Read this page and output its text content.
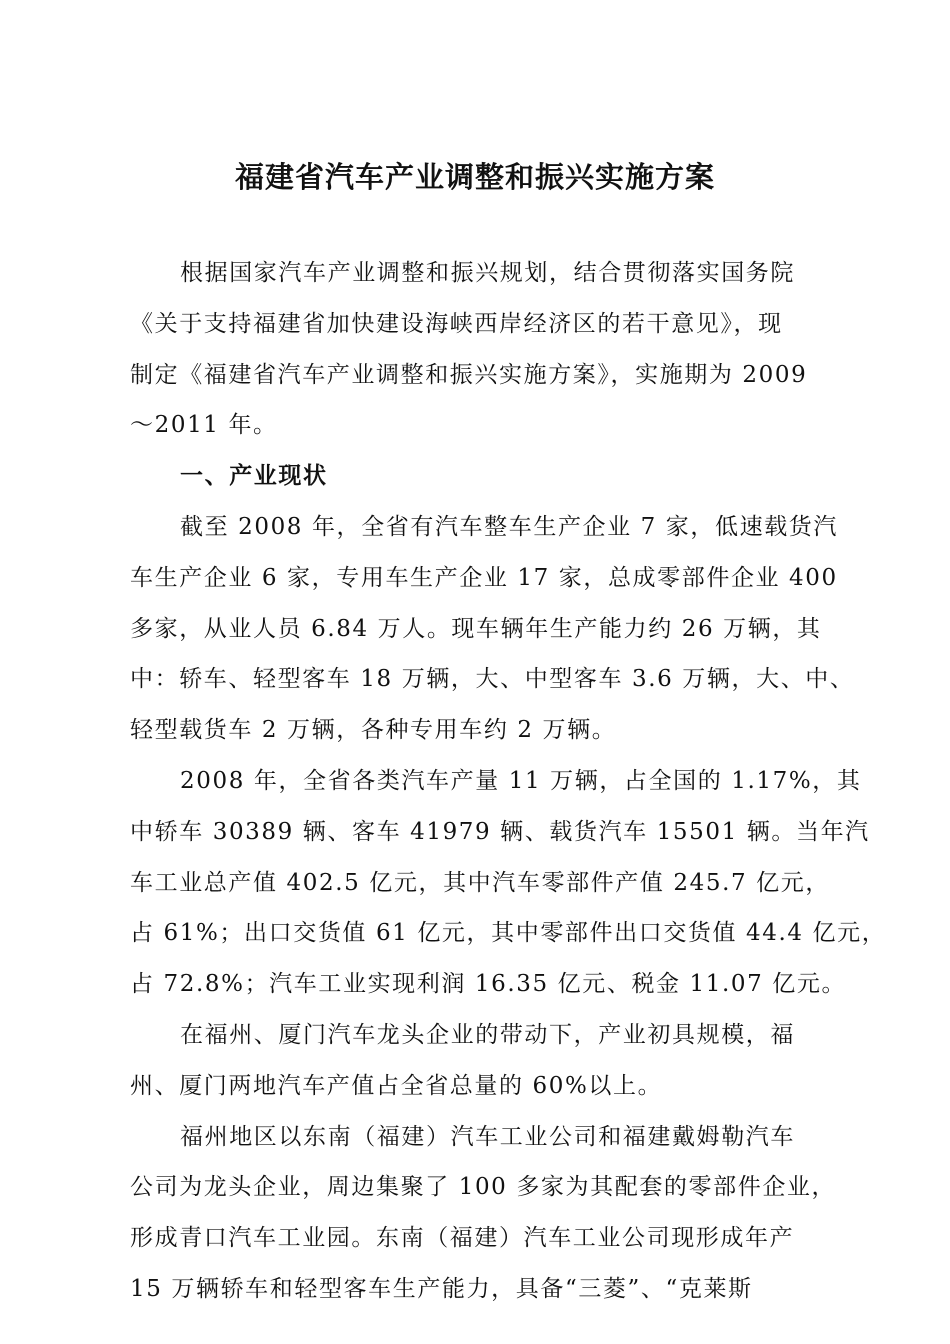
福建省汽车产业调整和振兴实施方案
根据国家汽车产业调整和振兴规划，结合贯彻落实国务院
《关于支持福建省加快建设海峡西岸经济区的若干意见》，现
制定《福建省汽车产业调整和振兴实施方案》，实施期为 2009
～2011 年。
一、产业现状
截至 2008 年，全省有汽车整车生产企业 7 家，低速载货汽
车生产企业 6 家，专用车生产企业 17 家，总成零部件企业 400
多家，从业人员 6.84 万人。现车辆年生产能力约 26 万辆，其
中：轿车、轻型客车 18 万辆，大、中型客车 3.6 万辆，大、中、
轻型载货车 2 万辆，各种专用车约 2 万辆。
2008 年，全省各类汽车产量 11 万辆，占全国的 1.17%，其
中轿车 30389 辆、客车 41979 辆、载货汽车 15501 辆。当年汽
车工业总产值 402.5 亿元，其中汽车零部件产值 245.7 亿元，
占 61%；出口交货值 61 亿元，其中零部件出口交货值 44.4 亿元，
占 72.8%；汽车工业实现利润 16.35 亿元、税金 11.07 亿元。
在福州、厦门汽车龙头企业的带动下，产业初具规模，福
州、厦门两地汽车产值占全省总量的 60%以上。
福州地区以东南（福建）汽车工业公司和福建戴姆勒汽车
公司为龙头企业，周边集聚了 100 多家为其配套的零部件企业，
形成青口汽车工业园。东南（福建）汽车工业公司现形成年产
15 万辆轿车和轻型客车生产能力，具备“三菱”、“克莱斯
